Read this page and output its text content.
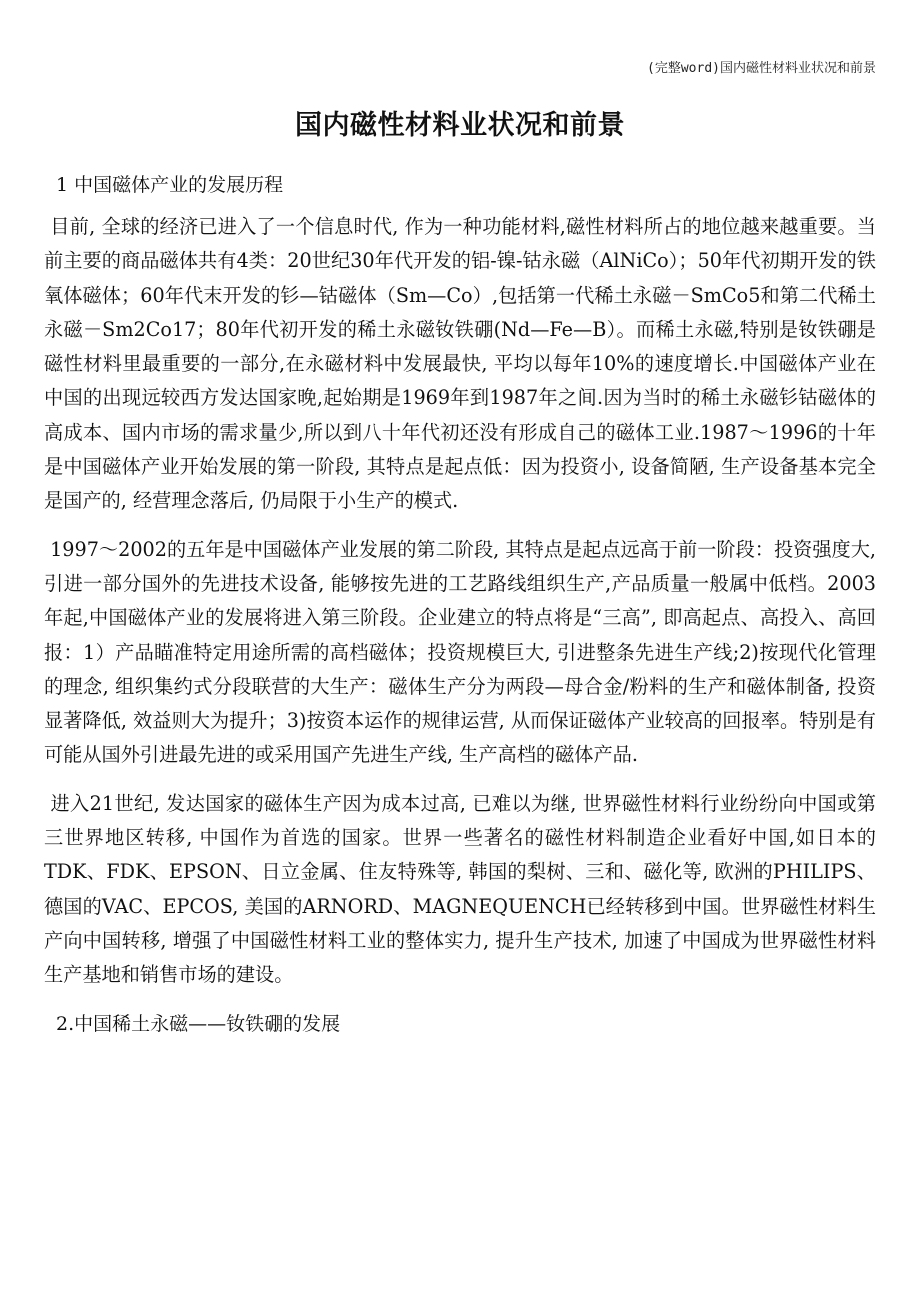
(完整word)国内磁性材料业状况和前景
国内磁性材料业状况和前景
1 中国磁体产业的发展历程

目前, 全球的经济已进入了一个信息时代, 作为一种功能材料,磁性材料所占的地位越来越重要。当前主要的商品磁体共有4类：20世纪30年代开发的铝-镍-钴永磁（AlNiCo）；50年代初期开发的铁氧体磁体；60年代末开发的钐—钴磁体（Sm—Co）,包括第一代稀土永磁－SmCo5和第二代稀土永磁－Sm2Co17；80年代初开发的稀土永磁钕铁硼(Nd—Fe—B）。而稀土永磁,特别是钕铁硼是磁性材料里最重要的一部分,在永磁材料中发展最快, 平均以每年10%的速度增长.中国磁体产业在中国的出现远较西方发达国家晚,起始期是1969年到1987年之间.因为当时的稀土永磁钐钴磁体的高成本、国内市场的需求量少,所以到八十年代初还没有形成自己的磁体工业.1987～1996的十年是中国磁体产业开始发展的第一阶段, 其特点是起点低：因为投资小, 设备简陋, 生产设备基本完全是国产的, 经营理念落后, 仍局限于小生产的模式.

1997～2002的五年是中国磁体产业发展的第二阶段, 其特点是起点远高于前一阶段：投资强度大, 引进一部分国外的先进技术设备, 能够按先进的工艺路线组织生产,产品质量一般属中低档。2003年起,中国磁体产业的发展将进入第三阶段。企业建立的特点将是“三高”, 即高起点、高投入、高回报：1）产品瞄准特定用途所需的高档磁体；投资规模巨大, 引进整条先进生产线;2)按现代化管理的理念, 组织集约式分段联营的大生产：磁体生产分为两段—母合金/粉料的生产和磁体制备, 投资显著降低, 效益则大为提升；3)按资本运作的规律运营, 从而保证磁体产业较高的回报率。特别是有可能从国外引进最先进的或采用国产先进生产线, 生产高档的磁体产品.

进入21世纪, 发达国家的磁体生产因为成本过高, 已难以为继, 世界磁性材料行业纷纷向中国或第三世界地区转移, 中国作为首选的国家。世界一些著名的磁性材料制造企业看好中国,如日本的TDK、FDK、EPSON、日立金属、住友特殊等, 韩国的梨树、三和、磁化等, 欧洲的PHILIPS、德国的VAC、EPCOS, 美国的ARNORD、MAGNEQUENCH已经转移到中国。世界磁性材料生产向中国转移, 增强了中国磁性材料工业的整体实力, 提升生产技术, 加速了中国成为世界磁性材料生产基地和销售市场的建设。

2.中国稀土永磁——钕铁硼的发展
